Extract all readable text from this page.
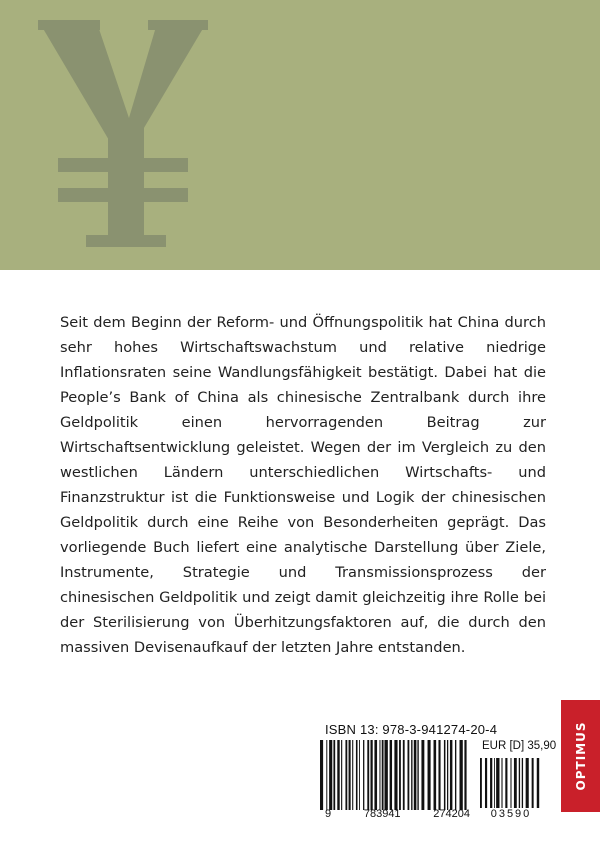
Seit dem Beginn der Reform- und Öffnungspolitik hat China durch sehr hohes Wirtschaftswachstum und relative niedrige Inflationsraten seine Wandlungsfähigkeit bestätigt. Dabei hat die People’s Bank of China als chinesische Zentralbank durch ihre Geldpolitik einen hervorragenden Beitrag zur Wirtschaftsentwicklung geleistet. Wegen der im Vergleich zu den westlichen Ländern unterschiedlichen Wirtschafts- und Finanzstruktur ist die Funktionsweise und Logik der chinesischen Geldpolitik durch eine Reihe von Besonderheiten geprägt. Das vorliegende Buch liefert eine analytische Darstellung über Ziele, Instrumente, Strategie und Transmissionsprozess der chinesischen Geldpolitik und zeigt damit gleichzeitig ihre Rolle bei der Sterilisierung von Überhitzungsfaktoren auf, die durch den massiven Devisenaufkauf der letzten Jahre entstanden.

ISBN 13: 978-3-941274-20-4

9	783941	274204

EUR [D] 35,90

03590
OPTIMUS
